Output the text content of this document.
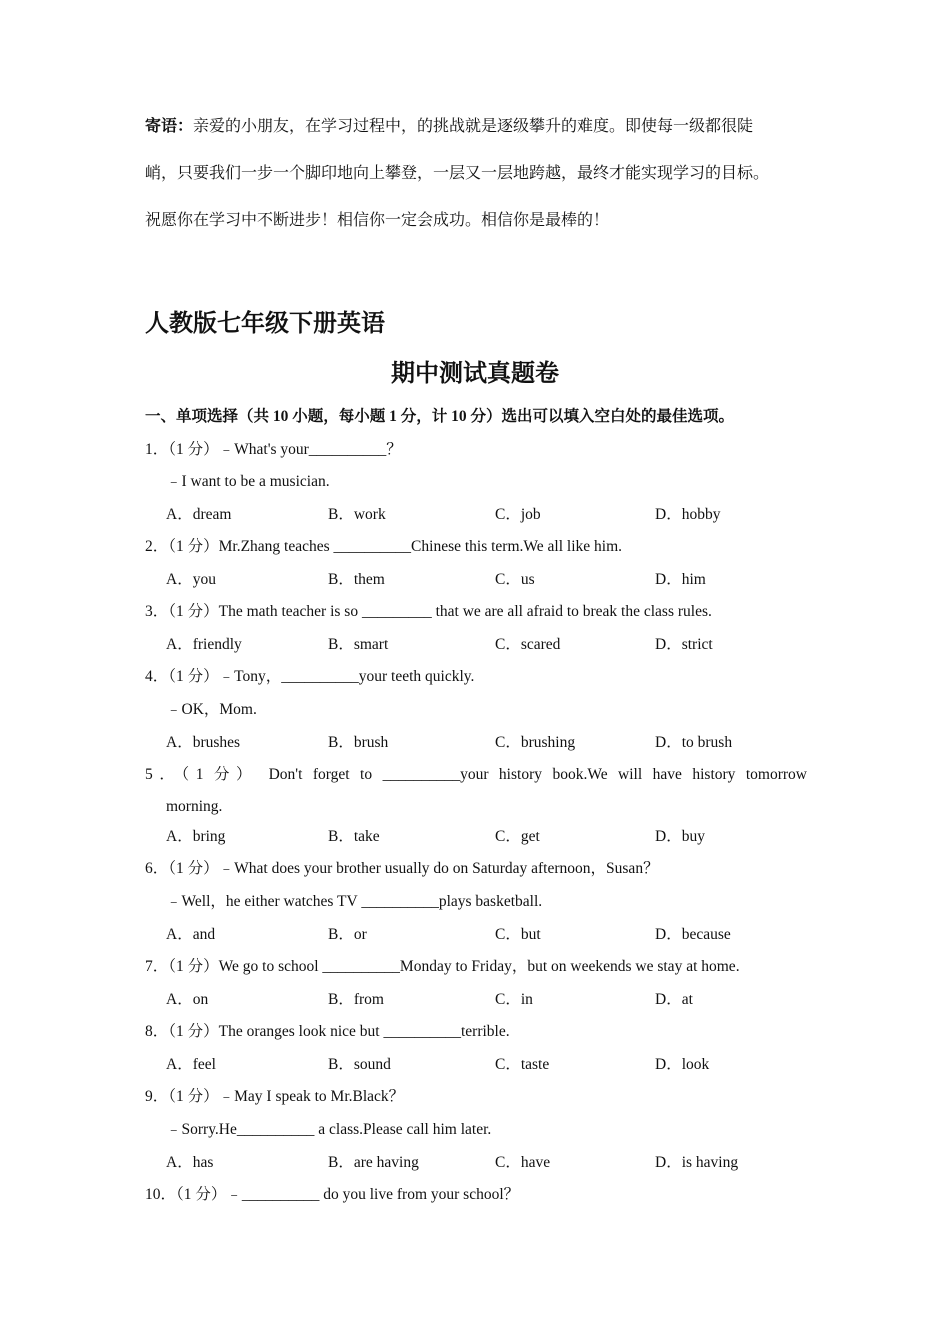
寄语：亲爱的小朋友，在学习过程中，的挑战就是逐级攀升的难度。即使每一级都很陡
峭，只要我们一步一个脚印地向上攀登，一层又一层地跨越，最终才能实现学习的目标。
祝愿你在学习中不断进步！相信你一定会成功。相信你是最棒的！
人教版七年级下册英语
期中测试真题卷
一、单项选择（共 10 小题，每小题 1 分，计 10 分）选出可以填入空白处的最佳选项。
1．（1 分）﹣What's your__________？
﹣I want to be a musician.
A．dream	B．work	C．job	D．hobby
2．（1 分）Mr.Zhang teaches __________Chinese this term.We all like him.
A．you	B．them	C．us	D．him
3．（1 分）The math teacher is so _________ that we are all afraid to break the class rules.
A．friendly	B．smart	C．scared	D．strict
4．（1 分）﹣Tony，__________your teeth quickly.
﹣OK，Mom.
A．brushes	B．brush	C．brushing	D．to brush
5．（1 分） Don't forget to __________your history book.We will have history tomorrow
morning.
A．bring	B．take	C．get	D．buy
6．（1 分）﹣What does your brother usually do on Saturday afternoon，Susan？
﹣Well，he either watches TV __________plays basketball.
A．and	B．or	C．but	D．because
7．（1 分）We go to school __________Monday to Friday，but on weekends we stay at home.
A．on	B．from	C．in	D．at
8．（1 分）The oranges look nice but __________terrible.
A．feel	B．sound	C．taste	D．look
9．（1 分）﹣May I speak to Mr.Black？
﹣Sorry.He__________ a class.Please call him later.
A．has	B．are having	C．have	D．is having
10．（1 分）﹣__________ do you live from your school？
